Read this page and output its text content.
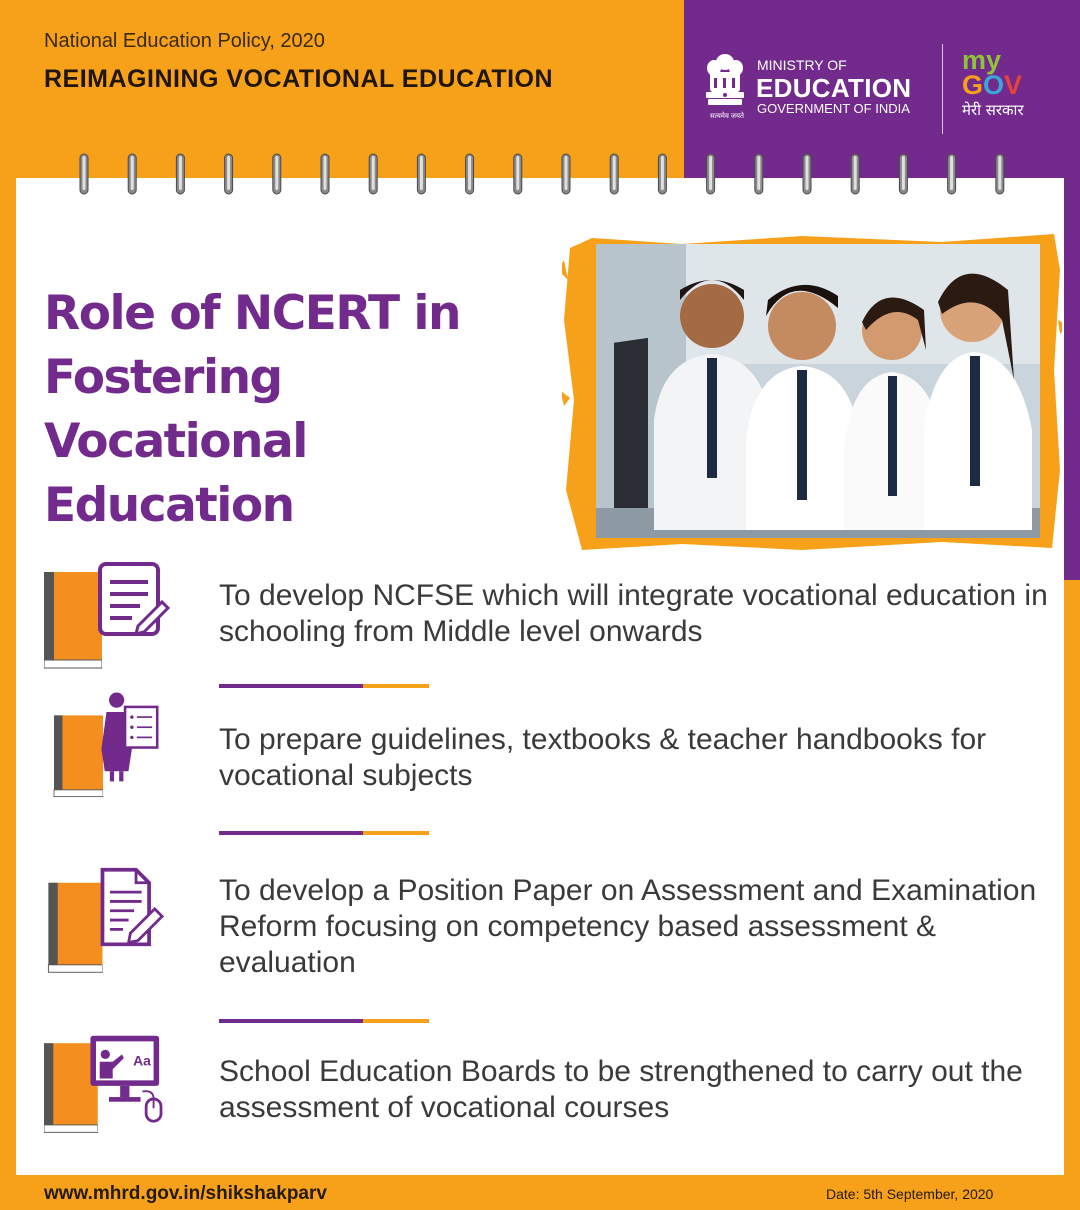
National Education Policy, 2020
REIMAGINING VOCATIONAL EDUCATION
सत्यमेव जयते
MINISTRY OF
EDUCATION
GOVERNMENT OF INDIA
my
GOV
मेरी सरकार
Role of NCERT in Fostering Vocational Education
To develop NCFSE which will integrate vocational education in schooling from Middle level onwards
To prepare guidelines, textbooks & teacher handbooks for vocational subjects
To develop a Position Paper on Assessment and Examination Reform focusing on competency based assessment & evaluation
Aa School Education Boards to be strengthened to carry out the assessment of vocational courses
www.mhrd.gov.in/shikshakparv	Date: 5th September, 2020
